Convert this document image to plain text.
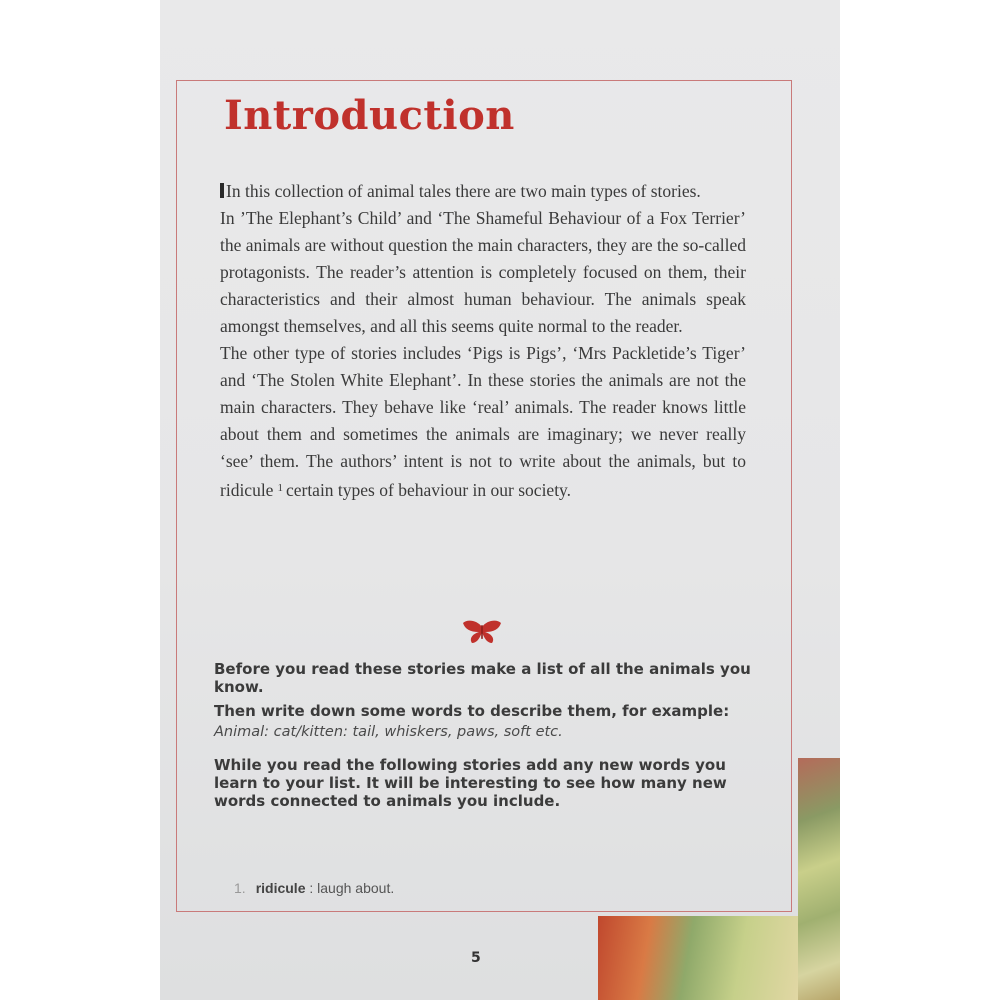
Introduction

In this collection of animal tales there are two main types of stories.

In ’The Elephant’s Child’ and ‘The Shameful Behaviour of a Fox Terrier’ the animals are without question the main characters, they are the so-called protagonists. The reader’s attention is completely focused on them, their characteristics and their almost human behaviour. The animals speak amongst themselves, and all this seems quite normal to the reader.

The other type of stories includes ‘Pigs is Pigs’, ‘Mrs Packletide’s Tiger’ and ‘The Stolen White Elephant’. In these stories the animals are not the main characters. They behave like ‘real’ animals. The reader knows little about them and sometimes the animals are imaginary; we never really ‘see’ them. The authors’ intent is not to write about the animals, but to ridicule $^1$ certain types of behaviour in our society.

Before you read these stories make a list of all the animals you know.

Then write down some words to describe them, for example:

Animal: cat/kitten: tail, whiskers, paws, soft etc.

While you read the following stories add any new words you learn to your list. It will be interesting to see how many new words connected to animals you include.

1. ridicule : laugh about.
5
